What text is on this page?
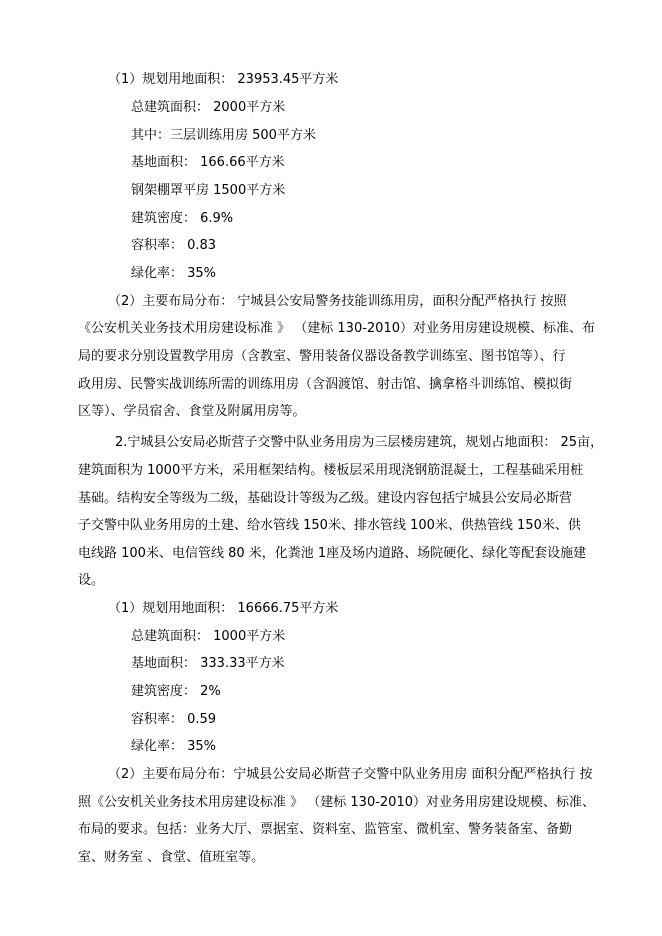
（1）规划用地面积： 23953.45平方米
总建筑面积： 2000平方米
其中：三层训练用房 500平方米
基地面积： 166.66平方米
钢架棚罩平房 1500平方米
建筑密度： 6.9%
容积率： 0.83
绿化率： 35%
（2）主要布局分布： 宁城县公安局警务技能训练用房，面积分配严格执行 按照
《公安机关业务技术用房建设标准 》 （建标 130-2010）对业务用房建设规模、标准、布
局的要求分别设置教学用房（含教室、警用装备仪器设备教学训练室、图书馆等）、行
政用房、民警实战训练所需的训练用房（含泅渡馆、射击馆、擒拿格斗训练馆、模拟街
区等）、学员宿舍、食堂及附属用房等。
2.宁城县公安局必斯营子交警中队业务用房为三层楼房建筑，规划占地面积： 25亩，
建筑面积为 1000平方米，采用框架结构。楼板层采用现浇钢筋混凝土，工程基础采用桩
基础。结构安全等级为二级，基础设计等级为乙级。建设内容包括宁城县公安局必斯营
子交警中队业务用房的土建、给水管线 150米、排水管线 100米、供热管线 150米、供
电线路 100米、电信管线 80 米，化粪池 1座及场内道路、场院硬化、绿化等配套设施建
设。
（1）规划用地面积： 16666.75平方米
总建筑面积： 1000平方米
基地面积： 333.33平方米
建筑密度： 2%
容积率： 0.59
绿化率： 35%
（2）主要布局分布：宁城县公安局必斯营子交警中队业务用房 面积分配严格执行 按
照《公安机关业务技术用房建设标准 》 （建标 130-2010）对业务用房建设规模、标准、
布局的要求。包括：业务大厅、票据室、资料室、监管室、微机室、警务装备室、备勤
室、财务室 、食堂、值班室等。
